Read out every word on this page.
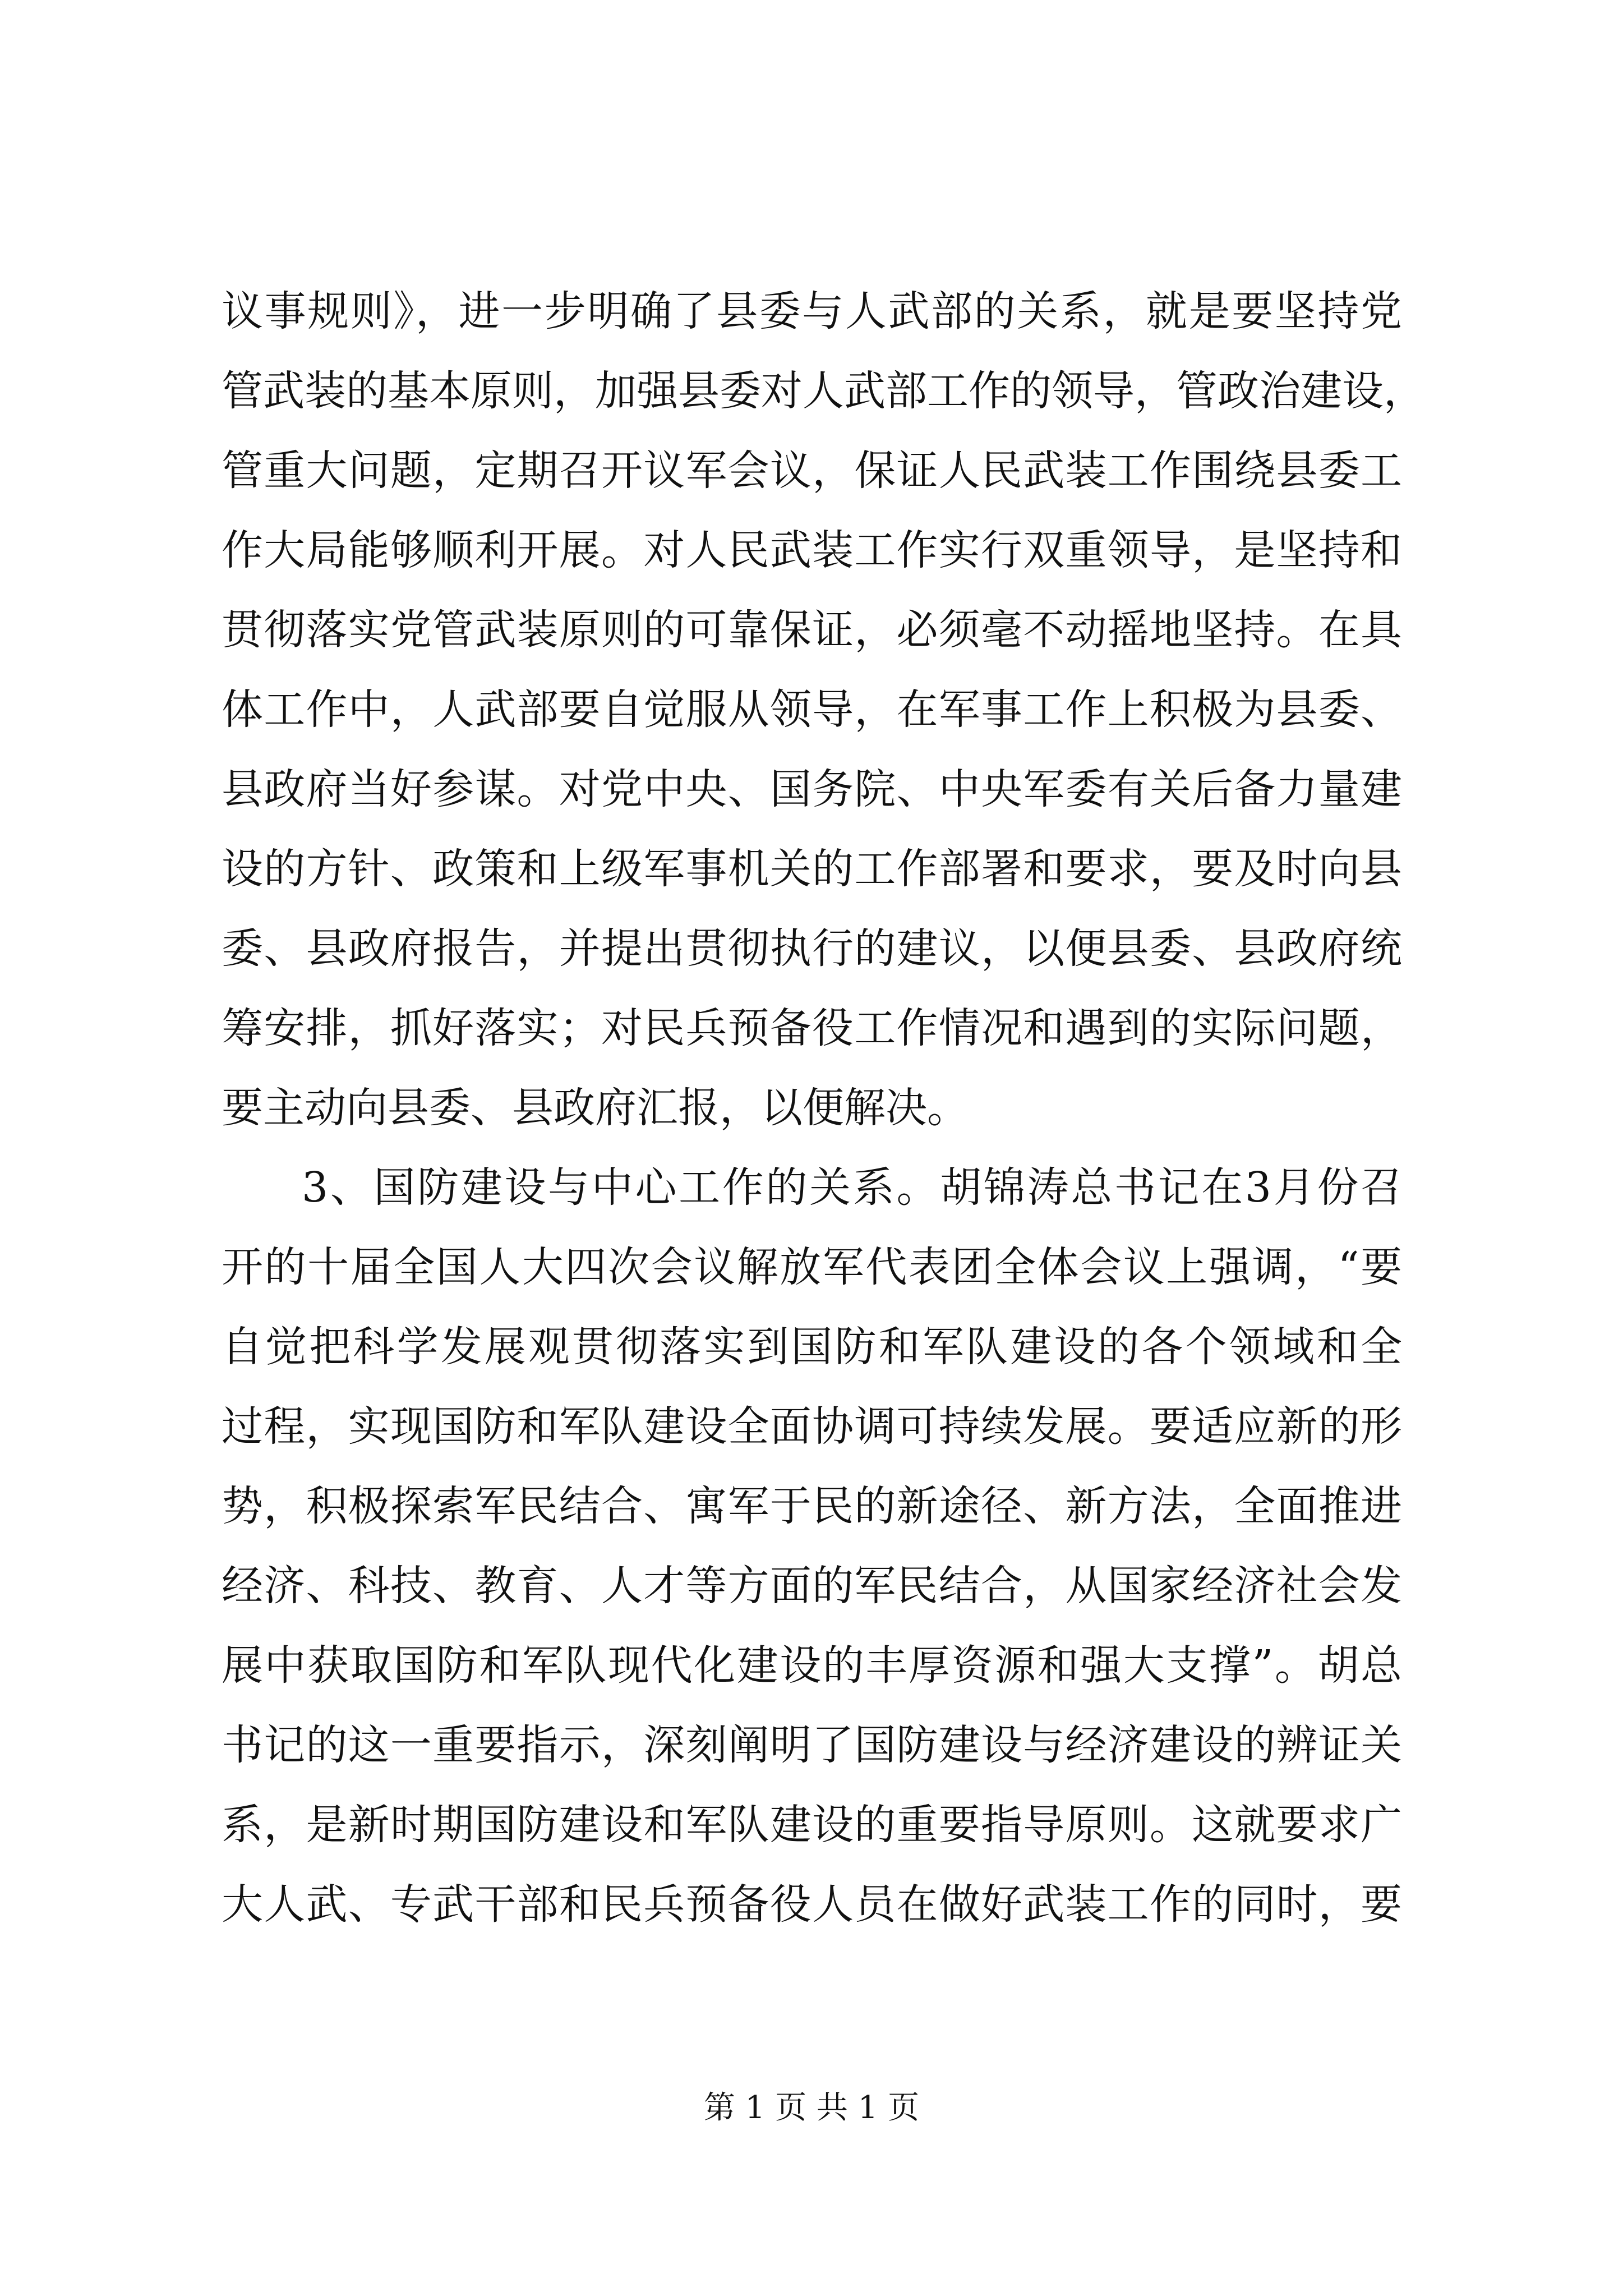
议事规则》，进一步明确了县委与人武部的关系，就是要坚持党
管武装的基本原则，加强县委对人武部工作的领导，管政治建设，
管重大问题，定期召开议军会议，保证人民武装工作围绕县委工
作大局能够顺利开展。对人民武装工作实行双重领导，是坚持和
贯彻落实党管武装原则的可靠保证，必须毫不动摇地坚持。在具
体工作中，人武部要自觉服从领导，在军事工作上积极为县委、
县政府当好参谋。对党中央、国务院、中央军委有关后备力量建
设的方针、政策和上级军事机关的工作部署和要求，要及时向县
委、县政府报告，并提出贯彻执行的建议，以便县委、县政府统
筹安排，抓好落实；对民兵预备役工作情况和遇到的实际问题，
要主动向县委、县政府汇报，以便解决。
3、国防建设与中心工作的关系。胡锦涛总书记在3月份召
开的十届全国人大四次会议解放军代表团全体会议上强调，“要
自觉把科学发展观贯彻落实到国防和军队建设的各个领域和全
过程，实现国防和军队建设全面协调可持续发展。要适应新的形
势，积极探索军民结合、寓军于民的新途径、新方法，全面推进
经济、科技、教育、人才等方面的军民结合，从国家经济社会发
展中获取国防和军队现代化建设的丰厚资源和强大支撑”。胡总
书记的这一重要指示，深刻阐明了国防建设与经济建设的辨证关
系，是新时期国防建设和军队建设的重要指导原则。这就要求广
大人武、专武干部和民兵预备役人员在做好武装工作的同时，要
第 1 页 共 1 页
